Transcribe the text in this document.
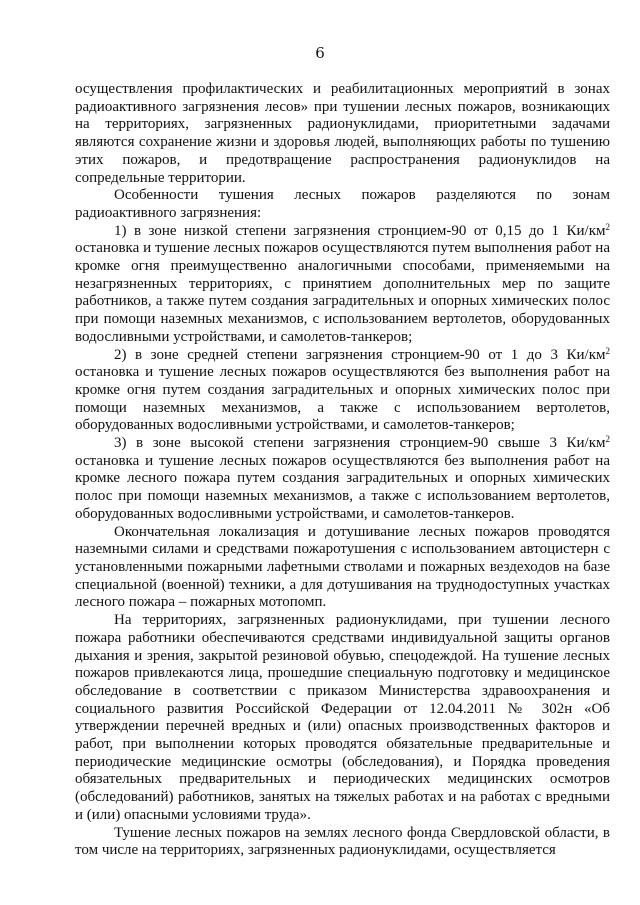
6

осуществления профилактических и реабилитационных мероприятий в зонах радиоактивного загрязнения лесов» при тушении лесных пожаров, возникающих на территориях, загрязненных радионуклидами, приоритетными задачами являются сохранение жизни и здоровья людей, выполняющих работы по тушению этих пожаров, и предотвращение распространения радионуклидов на сопредельные территории.

Особенности тушения лесных пожаров разделяются по зонам радиоактивного загрязнения:

1) в зоне низкой степени загрязнения стронцием-90 от 0,15 до 1 $Ки/км^2$ остановка и тушение лесных пожаров осуществляются путем выполнения работ на кромке огня преимущественно аналогичными способами, применяемыми на незагрязненных территориях, с принятием дополнительных мер по защите работников, а также путем создания заградительных и опорных химических полос при помощи наземных механизмов, с использованием вертолетов, оборудованных водосливными устройствами, и самолетов-танкеров;

2) в зоне средней степени загрязнения стронцием-90 от 1 до 3 $Ки/км^2$ остановка и тушение лесных пожаров осуществляются без выполнения работ на кромке огня путем создания заградительных и опорных химических полос при помощи наземных механизмов, а также с использованием вертолетов, оборудованных водосливными устройствами, и самолетов-танкеров;

3) в зоне высокой степени загрязнения стронцием-90 свыше 3 $Ки/км^2$ остановка и тушение лесных пожаров осуществляются без выполнения работ на кромке лесного пожара путем создания заградительных и опорных химических полос при помощи наземных механизмов, а также с использованием вертолетов, оборудованных водосливными устройствами, и самолетов-танкеров.

Окончательная локализация и дотушивание лесных пожаров проводятся наземными силами и средствами пожаротушения с использованием автоцистерн с установленными пожарными лафетными стволами и пожарных вездеходов на базе специальной (военной) техники, а для дотушивания на труднодоступных участках лесного пожара – пожарных мотопомп.

На территориях, загрязненных радионуклидами, при тушении лесного пожара работники обеспечиваются средствами индивидуальной защиты органов дыхания и зрения, закрытой резиновой обувью, спецодеждой. На тушение лесных пожаров привлекаются лица, прошедшие специальную подготовку и медицинское обследование в соответствии с приказом Министерства здравоохранения и социального развития Российской Федерации от 12.04.2011 № 302н «Об утверждении перечней вредных и (или) опасных производственных факторов и работ, при выполнении которых проводятся обязательные предварительные и периодические медицинские осмотры (обследования), и Порядка проведения обязательных предварительных и периодических медицинских осмотров (обследований) работников, занятых на тяжелых работах и на работах с вредными и (или) опасными условиями труда».

Тушение лесных пожаров на землях лесного фонда Свердловской области, в том числе на территориях, загрязненных радионуклидами, осуществляется
